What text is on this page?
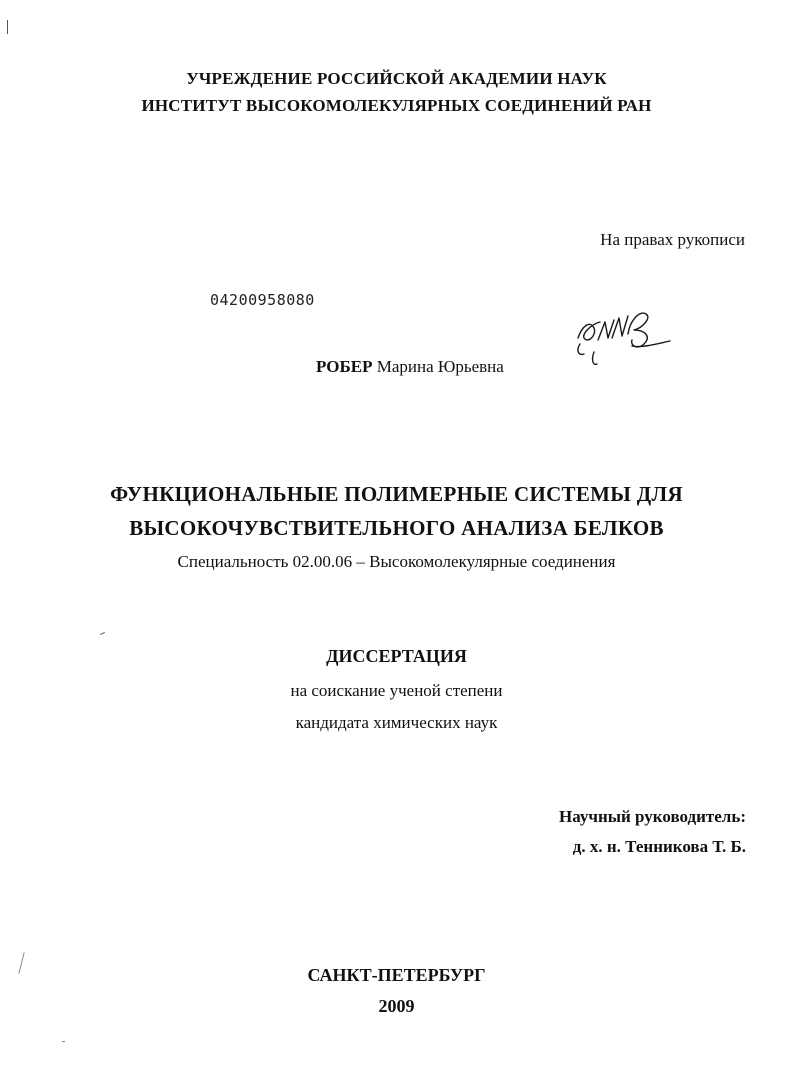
УЧРЕЖДЕНИЕ РОССИЙСКОЙ АКАДЕМИИ НАУК
ИНСТИТУТ ВЫСОКОМОЛЕКУЛЯРНЫХ СОЕДИНЕНИЙ РАН
На правах рукописи
04200958080
РОБЕР Марина Юрьевна
ФУНКЦИОНАЛЬНЫЕ ПОЛИМЕРНЫЕ СИСТЕМЫ ДЛЯ
ВЫСОКОЧУВСТВИТЕЛЬНОГО АНАЛИЗА БЕЛКОВ
Специальность 02.00.06 – Высокомолекулярные соединения
ДИССЕРТАЦИЯ
на соискание ученой степени
кандидата химических наук
Научный руководитель:
д. х. н. Тенникова Т. Б.
САНКТ-ПЕТЕРБУРГ
2009
